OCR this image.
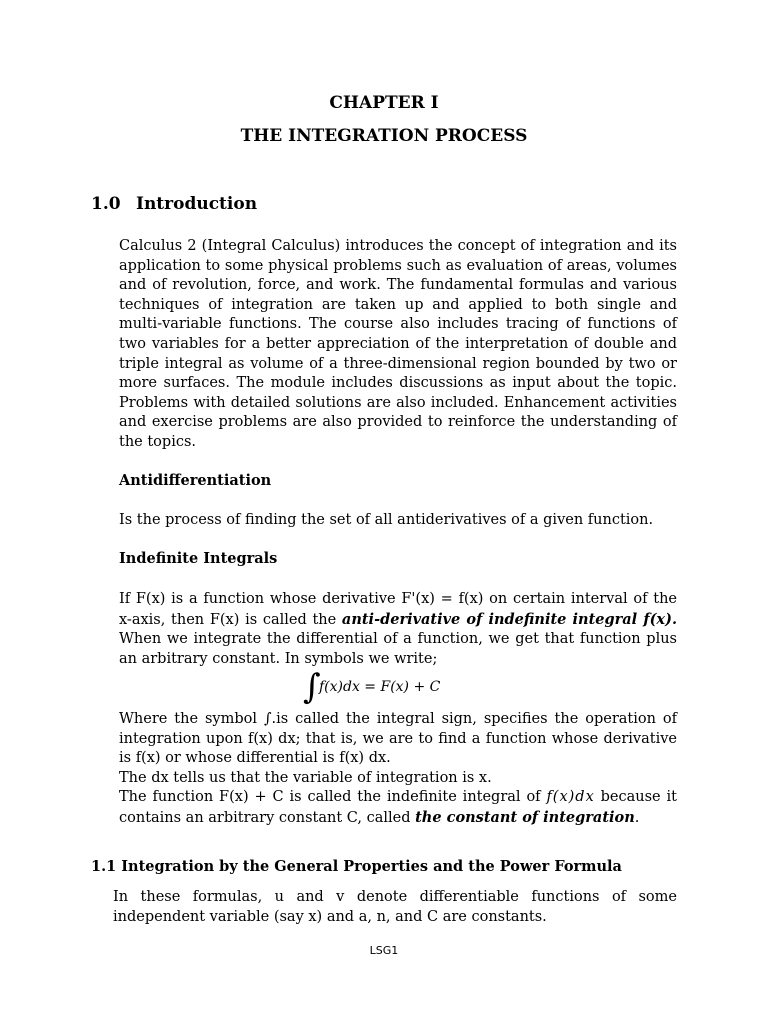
CHAPTER I
THE INTEGRATION PROCESS
1.0 Introduction
Calculus 2 (Integral Calculus) introduces the concept of integration and its application to some physical problems such as evaluation of areas, volumes and of revolution, force, and work. The fundamental formulas and various techniques of integration are taken up and applied to both single and multi-variable functions. The course also includes tracing of functions of two variables for a better appreciation of the interpretation of double and triple integral as volume of a three-dimensional region bounded by two or more surfaces. The module includes discussions as input about the topic. Problems with detailed solutions are also included. Enhancement activities and exercise problems are also provided to reinforce the understanding of the topics.
Antidifferentiation
Is the process of finding the set of all antiderivatives of a given function.
Indefinite Integrals
If F(x) is a function whose derivative F'(x) = f(x) on certain interval of the x-axis, then F(x) is called the anti-derivative of indefinite integral f(x). When we integrate the differential of a function, we get that function plus an arbitrary constant. In symbols we write;
∫
f(x)dx = F(x) + C
Where the symbol ∫.is called the integral sign, specifies the operation of integration upon f(x) dx; that is, we are to find a function whose derivative is f(x) or whose differential is f(x) dx.
The dx tells us that the variable of integration is x.
The function F(x) + C is called the indefinite integral of f(x)dx because it contains an arbitrary constant C, called the constant of integration.
1.1 Integration by the General Properties and the Power Formula
In these formulas, u and v denote differentiable functions of some independent variable (say x) and a, n, and C are constants.
LSG1
